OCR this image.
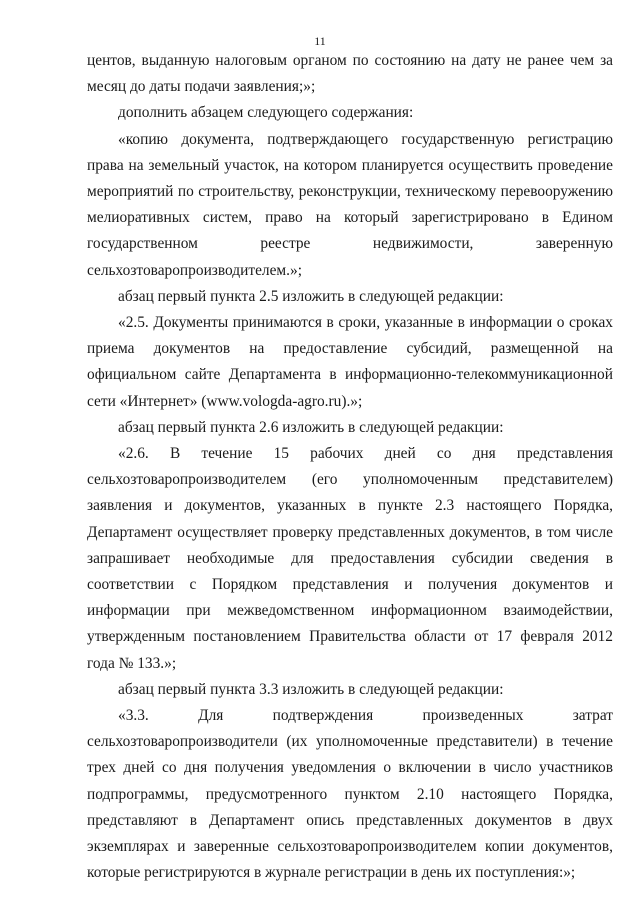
11

центов, выданную налоговым органом по состоянию на дату не ранее чем за месяц до даты подачи заявления;»;

дополнить абзацем следующего содержания:

«копию документа, подтверждающего государственную регистрацию права на земельный участок, на котором планируется осуществить проведение мероприятий по строительству, реконструкции, техническому перевооружению мелиоративных систем, право на который зарегистрировано в Едином государственном реестре недвижимости, заверенную сельхозтоваропроизводителем.»;

абзац первый пункта 2.5 изложить в следующей редакции:

«2.5. Документы принимаются в сроки, указанные в информации о сроках приема документов на предоставление субсидий, размещенной на официальном сайте Департамента в информационно-телекоммуникационной сети «Интернет» (www.vologda-agro.ru).»;

абзац первый пункта 2.6 изложить в следующей редакции:

«2.6. В течение 15 рабочих дней со дня представления сельхозтоваропроизводителем (его уполномоченным представителем) заявления и документов, указанных в пункте 2.3 настоящего Порядка, Департамент осуществляет проверку представленных документов, в том числе запрашивает необходимые для предоставления субсидии сведения в соответствии с Порядком представления и получения документов и информации при межведомственном информационном взаимодействии, утвержденным постановлением Правительства области от 17 февраля 2012 года № 133.»;

абзац первый пункта 3.3 изложить в следующей редакции:

«3.3. Для подтверждения произведенных затрат сельхозтоваропроизводители (их уполномоченные представители) в течение трех дней со дня получения уведомления о включении в число участников подпрограммы, предусмотренного пунктом 2.10 настоящего Порядка, представляют в Департамент опись представленных документов в двух экземплярах и заверенные сельхозтоваропроизводителем копии документов, которые регистрируются в журнале регистрации в день их поступления:»;
